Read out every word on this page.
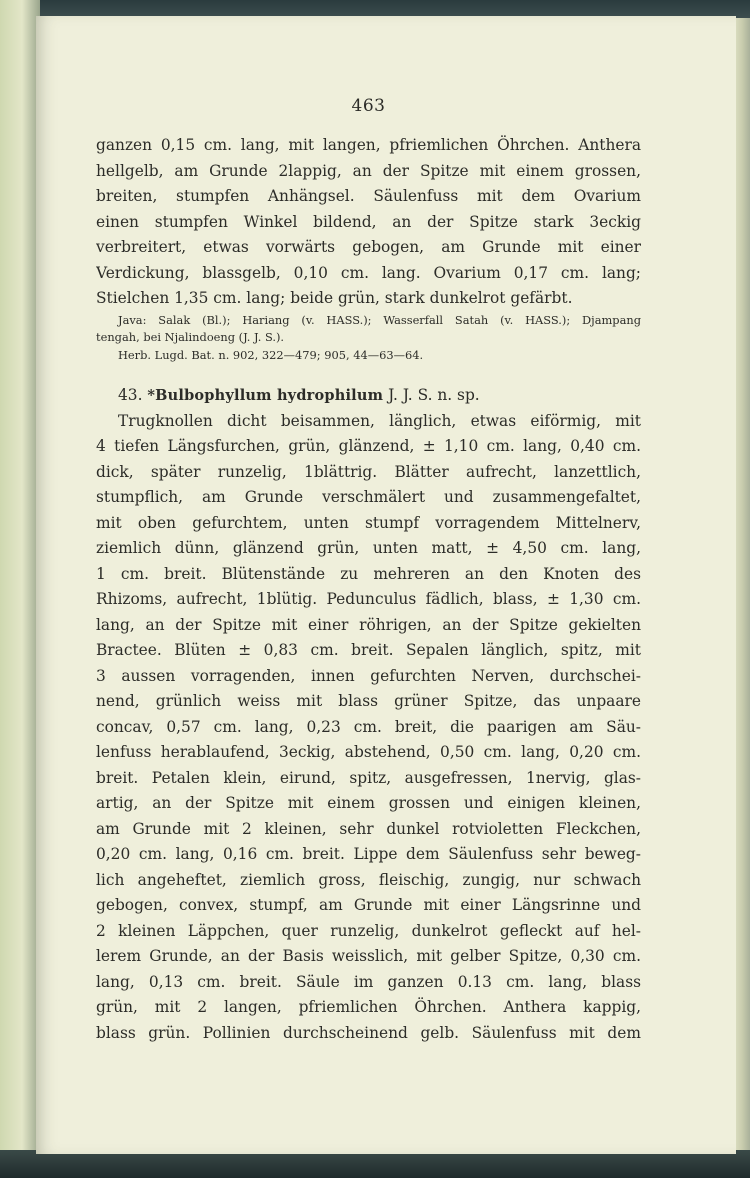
463
ganzen 0,15 cm. lang, mit langen, pfriemlichen Öhrchen. Anthera
hellgelb, am Grunde 2lappig, an der Spitze mit einem grossen,
breiten, stumpfen Anhängsel. Säulenfuss mit dem Ovarium
einen stumpfen Winkel bildend, an der Spitze stark 3eckig
verbreitert, etwas vorwärts gebogen, am Grunde mit einer
Verdickung, blassgelb, 0,10 cm. lang. Ovarium 0,17 cm. lang;
Stielchen 1,35 cm. lang; beide grün, stark dunkelrot gefärbt.
Java: Salak (Bl.); Hariang (v. HASS.); Wasserfall Satah (v. HASS.); Djampang
tengah, bei Njalindoeng (J. J. S.).
Herb. Lugd. Bat. n. 902, 322—479; 905, 44—63—64.
43. *Bulbophyllum hydrophilum J. J. S. n. sp.
Trugknollen dicht beisammen, länglich, etwas eiförmig, mit
4 tiefen Längsfurchen, grün, glänzend, ± 1,10 cm. lang, 0,40 cm.
dick, später runzelig, 1blättrig. Blätter aufrecht, lanzettlich,
stumpflich, am Grunde verschmälert und zusammengefaltet,
mit oben gefurchtem, unten stumpf vorragendem Mittelnerv,
ziemlich dünn, glänzend grün, unten matt, ± 4,50 cm. lang,
1 cm. breit. Blütenstände zu mehreren an den Knoten des
Rhizoms, aufrecht, 1blütig. Pedunculus fädlich, blass, ± 1,30 cm.
lang, an der Spitze mit einer röhrigen, an der Spitze gekielten
Bractee. Blüten ± 0,83 cm. breit. Sepalen länglich, spitz, mit
3 aussen vorragenden, innen gefurchten Nerven, durchschei-
nend, grünlich weiss mit blass grüner Spitze, das unpaare
concav, 0,57 cm. lang, 0,23 cm. breit, die paarigen am Säu-
lenfuss herablaufend, 3eckig, abstehend, 0,50 cm. lang, 0,20 cm.
breit. Petalen klein, eirund, spitz, ausgefressen, 1nervig, glas-
artig, an der Spitze mit einem grossen und einigen kleinen,
am Grunde mit 2 kleinen, sehr dunkel rotvioletten Fleckchen,
0,20 cm. lang, 0,16 cm. breit. Lippe dem Säulenfuss sehr beweg-
lich angeheftet, ziemlich gross, fleischig, zungig, nur schwach
gebogen, convex, stumpf, am Grunde mit einer Längsrinne und
2 kleinen Läppchen, quer runzelig, dunkelrot gefleckt auf hel-
lerem Grunde, an der Basis weisslich, mit gelber Spitze, 0,30 cm.
lang, 0,13 cm. breit. Säule im ganzen 0.13 cm. lang, blass
grün, mit 2 langen, pfriemlichen Öhrchen. Anthera kappig,
blass grün. Pollinien durchscheinend gelb. Säulenfuss mit dem
